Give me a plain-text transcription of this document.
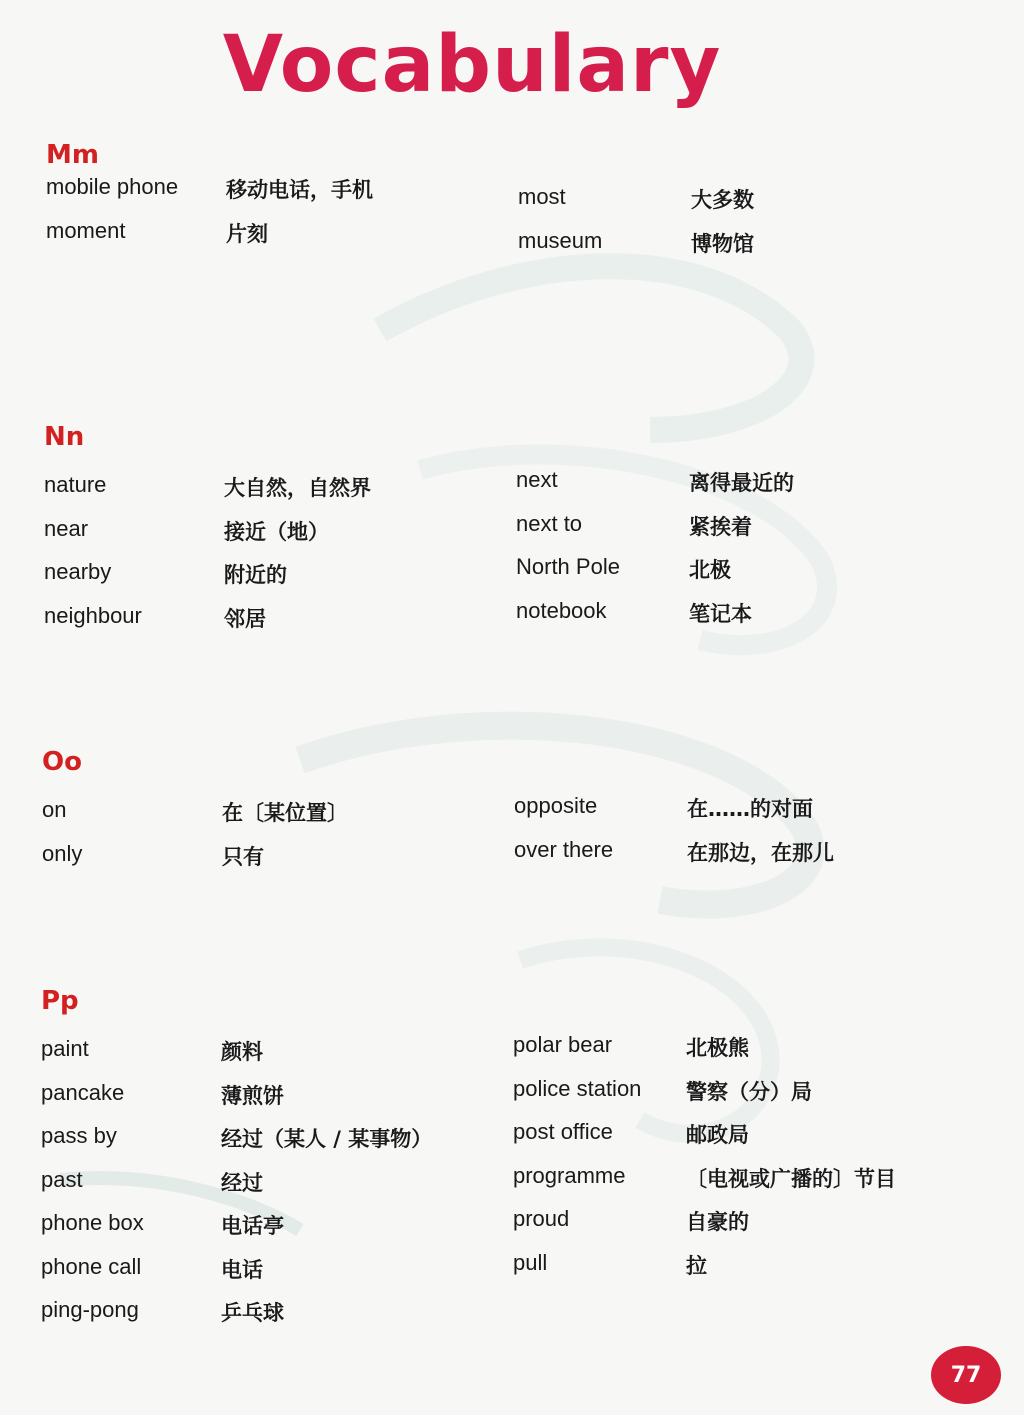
Vocabulary
Mm
mobile phone 移动电话，手机
moment	片刻
most	大多数
museum	博物馆
Nn
nature	大自然，自然界
near	接近（地）
nearby	附近的
neighbour	邻居
next	离得最近的
next to	紧挨着
North Pole	北极
notebook	笔记本
Oo
on	在〔某位置〕
only	只有
opposite	在……的对面
over there	在那边，在那儿
Pp
paint	颜料
pancake	薄煎饼
pass by	经过（某人 / 某事物）
past	经过
phone box	电话亭
phone call	电话
ping-pong	乒乓球
polar bear	北极熊
police station 警察（分）局
post office	邮政局
programme	〔电视或广播的〕节目
proud	自豪的
pull	拉
77
